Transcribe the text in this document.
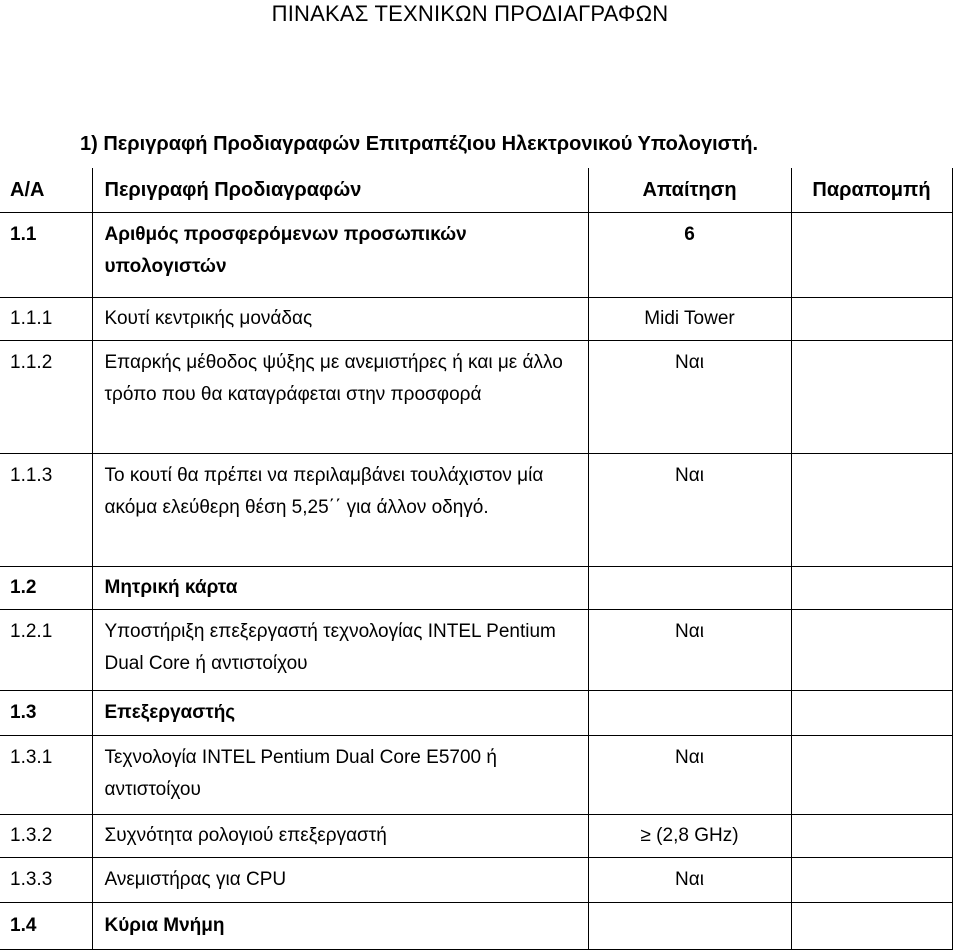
ΠΙΝΑΚΑΣ ΤΕΧΝΙΚΩΝ ΠΡΟΔΙΑΓΡΑΦΩΝ
1) Περιγραφή Προδιαγραφών Επιτραπέζιου Ηλεκτρονικού Υπολογιστή.
Α/Α	Περιγραφή Προδιαγραφών	Απαίτηση	Παραπομπή
1.1	Αριθμός προσφερόμενων προσωπικών υπολογιστών	6	
1.1.1	Κουτί κεντρικής μονάδας	Midi Tower	
1.1.2	Επαρκής μέθοδος ψύξης με ανεμιστήρες ή και με άλλο τρόπο που θα καταγράφεται στην προσφορά	Ναι	
1.1.3	Το κουτί θα πρέπει να περιλαμβάνει τουλάχιστον μία ακόμα ελεύθερη θέση 5,25΄΄ για άλλον οδηγό.	Ναι	
1.2	Μητρική κάρτα		
1.2.1	Υποστήριξη επεξεργαστή τεχνολογίας INTEL Pentium Dual Core ή αντιστοίχου	Ναι	
1.3	Επεξεργαστής		
1.3.1	Τεχνολογία INTEL Pentium Dual Core E5700 ή αντιστοίχου	Ναι	
1.3.2	Συχνότητα ρολογιού επεξεργαστή	≥ (2,8 GHz)	
1.3.3	Ανεμιστήρας για CPU	Ναι	
1.4	Κύρια Μνήμη		
